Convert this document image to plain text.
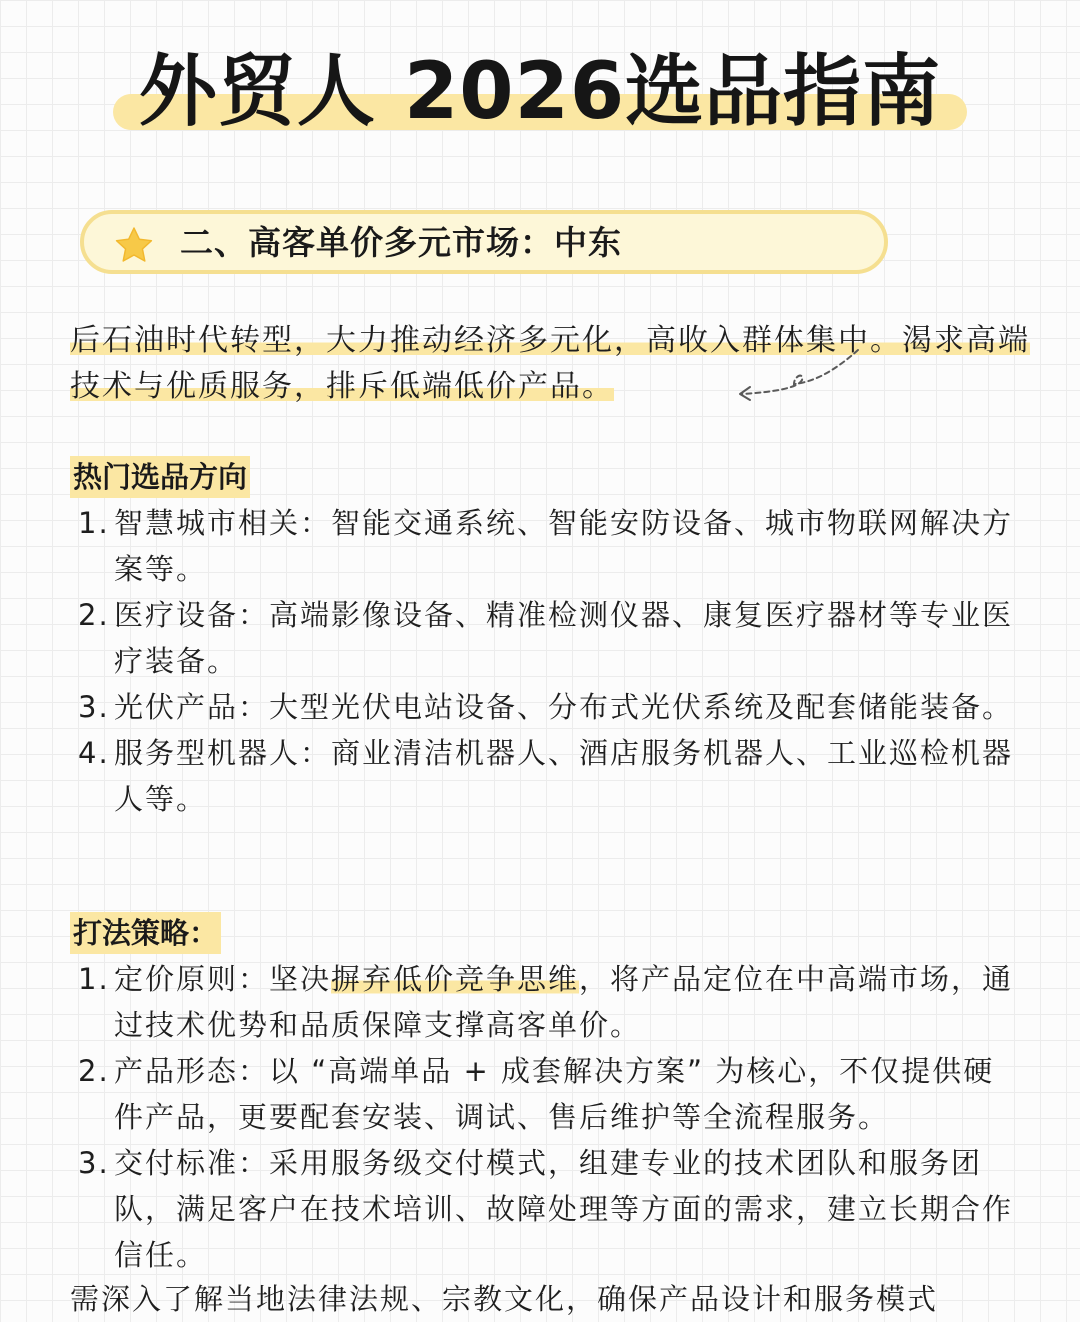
外贸人 2026选品指南
二、高客单价多元市场：中东
后石油时代转型，大力推动经济多元化，高收入群体集中。渴求高端技术与优质服务，排斥低端低价产品。
热门选品方向
1. 智慧城市相关：智能交通系统、智能安防设备、城市物联网解决方案等。
2. 医疗设备：高端影像设备、精准检测仪器、康复医疗器材等专业医疗装备。
3. 光伏产品：大型光伏电站设备、分布式光伏系统及配套储能装备。
4. 服务型机器人：商业清洁机器人、酒店服务机器人、工业巡检机器人等。
打法策略：
1. 定价原则：坚决摒弃低价竞争思维，将产品定位在中高端市场，通过技术优势和品质保障支撑高客单价。
2. 产品形态：以 “高端单品 + 成套解决方案” 为核心，不仅提供硬件产品，更要配套安装、调试、售后维护等全流程服务。
3. 交付标准：采用服务级交付模式，组建专业的技术团队和服务团队，满足客户在技术培训、故障处理等方面的需求，建立长期合作信任。
需深入了解当地法律法规、宗教文化，确保产品设计和服务模式
